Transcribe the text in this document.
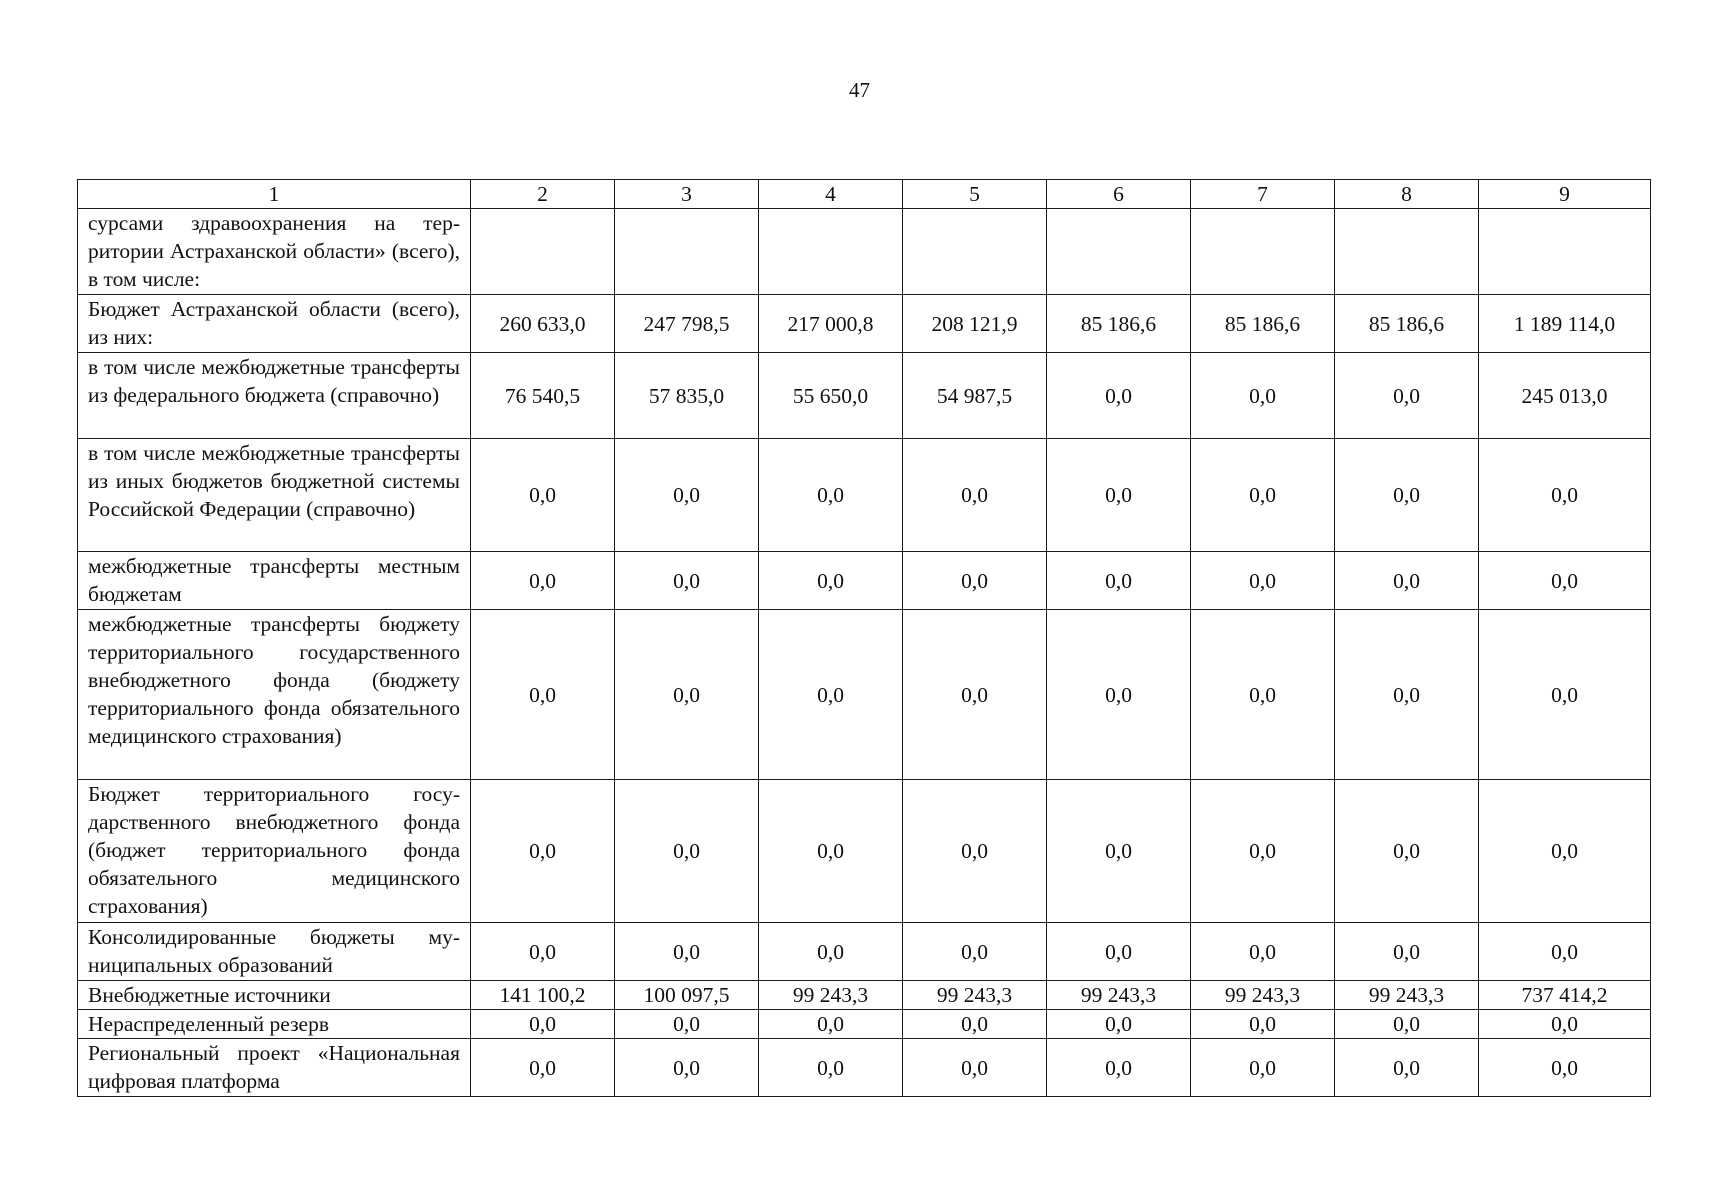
47
1	2	3	4	5	6	7	8	9
сурсами здравоохранения на территории Астраханской области» (всего), в том числе:								
Бюджет Астраханской области (всего), из них:	260 633,0	247 798,5	217 000,8	208 121,9	85 186,6	85 186,6	85 186,6	1 189 114,0
в том числе межбюджетные трансферты из федерального бюджета (справочно)	76 540,5	57 835,0	55 650,0	54 987,5	0,0	0,0	0,0	245 013,0
в том числе межбюджетные трансферты из иных бюджетов бюджетной системы Российской Федерации (справочно)	0,0	0,0	0,0	0,0	0,0	0,0	0,0	0,0
межбюджетные трансферты местным бюджетам	0,0	0,0	0,0	0,0	0,0	0,0	0,0	0,0
межбюджетные трансферты бюджету территориального государственного внебюджетного фонда (бюджету территориального фонда обязательного медицинского страхования)	0,0	0,0	0,0	0,0	0,0	0,0	0,0	0,0
Бюджет территориального государственного внебюджетного фонда (бюджет территориального фонда обязательного медицинского страхования)	0,0	0,0	0,0	0,0	0,0	0,0	0,0	0,0
Консолидированные бюджеты муниципальных образований	0,0	0,0	0,0	0,0	0,0	0,0	0,0	0,0
Внебюджетные источники	141 100,2	100 097,5	99 243,3	99 243,3	99 243,3	99 243,3	99 243,3	737 414,2
Нераспределенный резерв	0,0	0,0	0,0	0,0	0,0	0,0	0,0	0,0
Региональный проект «Национальная цифровая платформа	0,0	0,0	0,0	0,0	0,0	0,0	0,0	0,0
